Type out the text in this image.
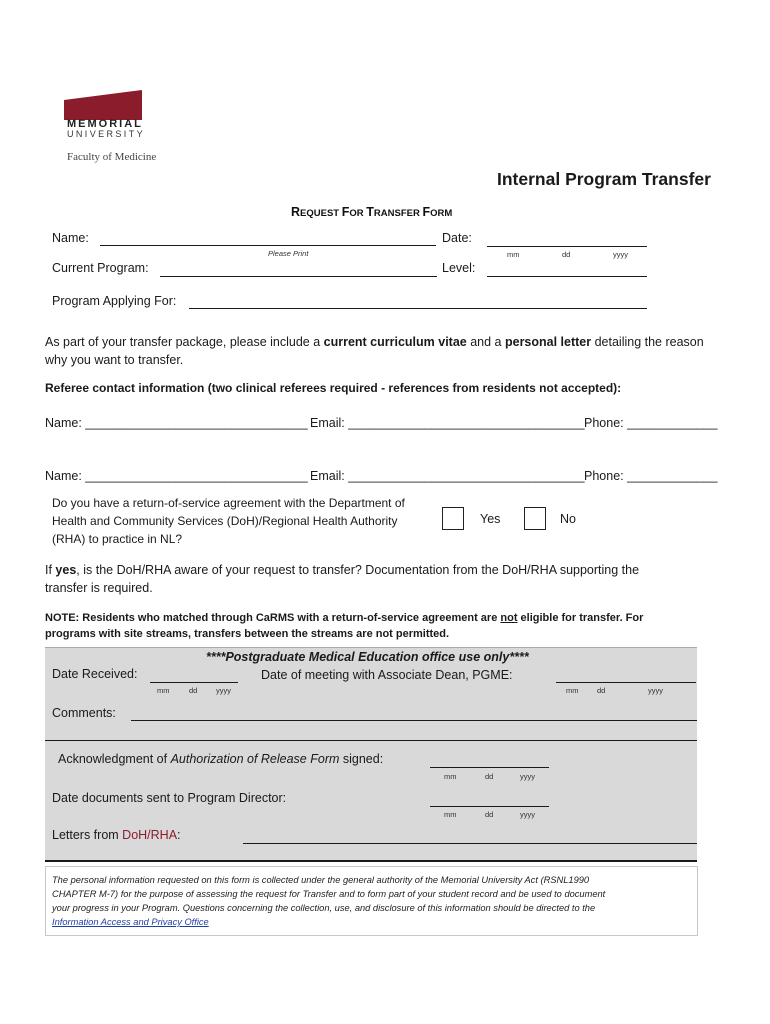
MEMORIAL
UNIVERSITY
Faculty of Medicine
Internal Program Transfer
REQUEST FOR TRANSFER FORM
Name:
Please Print
Date:
mm	dd	yyyy
Current Program:	Level:
Program Applying For:
As part of your transfer package, please include a current curriculum vitae and a personal letter detailing the reason
why you want to transfer.
Referee contact information (two clinical referees required - references from residents not accepted):
Name: ________________________________ Email: __________________________________ Phone: _____________
Name: ________________________________ Email: __________________________________ Phone: _____________
Do you have a return-of-service agreement with the Department of
Health and Community Services (DoH)/Regional Health Authority
(RHA) to practice in NL?
Yes	No
If yes, is the DoH/RHA aware of your request to transfer? Documentation from the DoH/RHA supporting the
transfer is required.
NOTE: Residents who matched through CaRMS with a return-of-service agreement are not eligible for transfer. For
programs with site streams, transfers between the streams are not permitted.
****Postgraduate Medical Education office use only****
Date Received:
mm	dd yyyy
Date of meeting with Associate Dean, PGME:
mm dd	yyyy
Comments:
Acknowledgment of Authorization of Release Form signed:
mm	dd	yyyy
Date documents sent to Program Director:
mm	dd	yyyy
Letters from DoH/RHA:
The personal information requested on this form is collected under the general authority of the Memorial University Act (RSNL1990
CHAPTER M-7) for the purpose of assessing the request for Transfer and to form part of your student record and be used to document
your progress in your Program. Questions concerning the collection, use, and disclosure of this information should be directed to the
Information Access and Privacy Office
